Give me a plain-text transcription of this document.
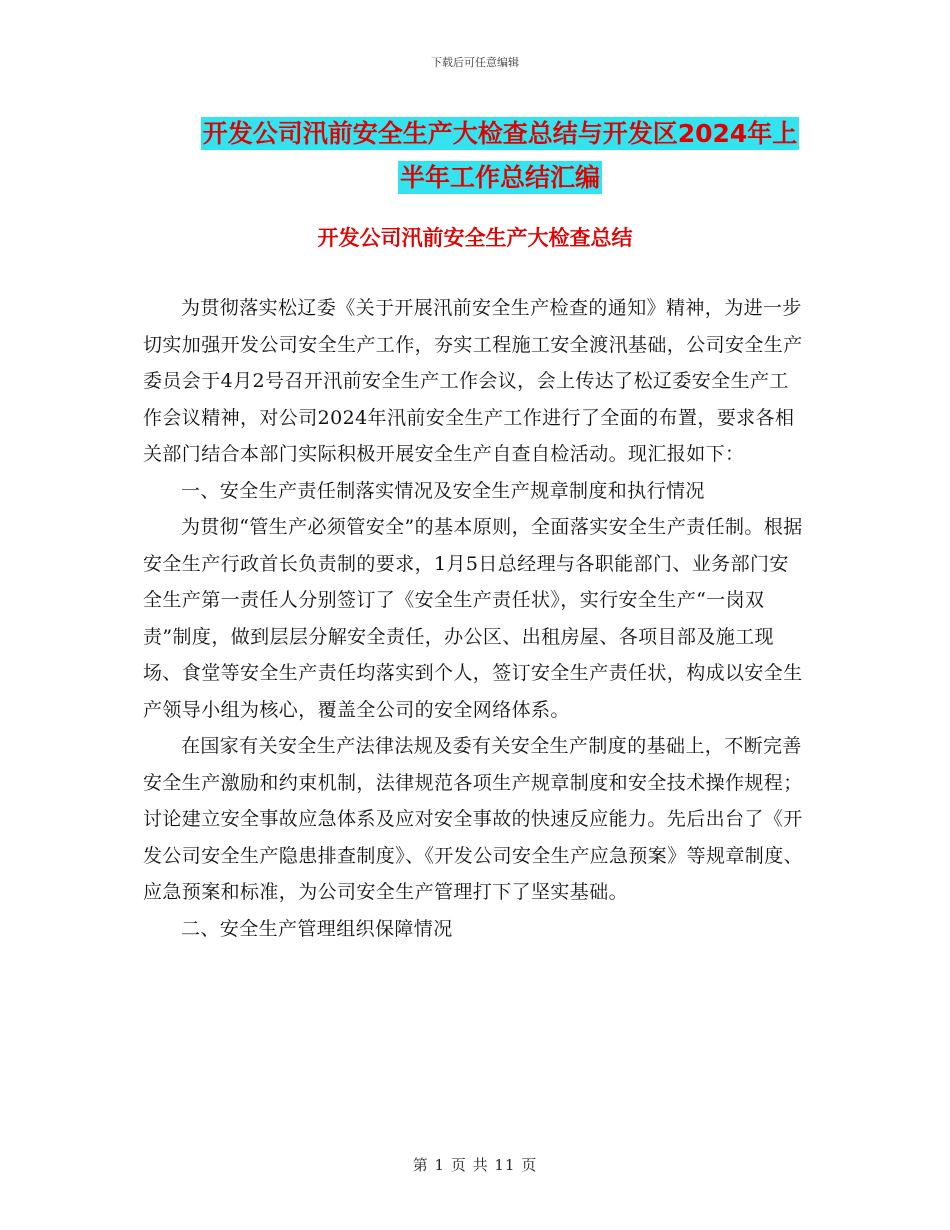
下载后可任意编辑
开发公司汛前安全生产大检查总结与开发区2024年上
半年工作总结汇编
开发公司汛前安全生产大检查总结

为贯彻落实松辽委《关于开展汛前安全生产检查的通知》精神，为进一步切实加强开发公司安全生产工作，夯实工程施工安全渡汛基础，公司安全生产委员会于4月2号召开汛前安全生产工作会议，会上传达了松辽委安全生产工作会议精神，对公司2024年汛前安全生产工作进行了全面的布置，要求各相关部门结合本部门实际积极开展安全生产自查自检活动。现汇报如下：

一、安全生产责任制落实情况及安全生产规章制度和执行情况

为贯彻“管生产必须管安全”的基本原则，全面落实安全生产责任制。根据安全生产行政首长负责制的要求，1月5日总经理与各职能部门、业务部门安全生产第一责任人分别签订了《安全生产责任状》，实行安全生产“一岗双责”制度，做到层层分解安全责任，办公区、出租房屋、各项目部及施工现场、食堂等安全生产责任均落实到个人，签订安全生产责任状，构成以安全生产领导小组为核心，覆盖全公司的安全网络体系。

在国家有关安全生产法律法规及委有关安全生产制度的基础上，不断完善安全生产激励和约束机制，法律规范各项生产规章制度和安全技术操作规程；讨论建立安全事故应急体系及应对安全事故的快速反应能力。先后出台了《开发公司安全生产隐患排查制度》、《开发公司安全生产应急预案》等规章制度、应急预案和标准，为公司安全生产管理打下了坚实基础。

二、安全生产管理组织保障情况

第 1 页 共 11 页
